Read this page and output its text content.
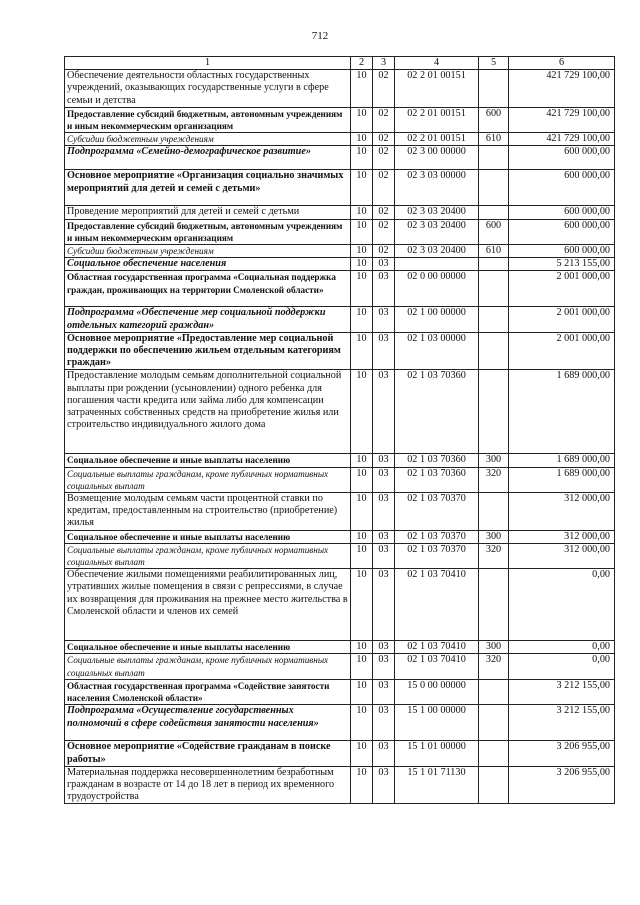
712
1	2	3	4	5	6
Обеспечение деятельности областных государственных учреждений, оказывающих государственные услуги в сфере семьи и детства	10	02	02 2 01 00151		421 729 100,00
Предоставление субсидий бюджетным, автономным учреждениям и иным некоммерческим организациям	10	02	02 2 01 00151	600	421 729 100,00
Субсидии бюджетным учреждениям	10	02	02 2 01 00151	610	421 729 100,00
Подпрограмма «Семейно-демографическое развитие»	10	02	02 3 00 00000		600 000,00
Основное мероприятие «Организация социально значимых мероприятий для детей и семей с детьми»	10	02	02 3 03 00000		600 000,00
Проведение мероприятий для детей и семей с детьми	10	02	02 3 03 20400		600 000,00
Предоставление субсидий бюджетным, автономным учреждениям и иным некоммерческим организациям	10	02	02 3 03 20400	600	600 000,00
Субсидии бюджетным учреждениям	10	02	02 3 03 20400	610	600 000,00
Социальное обеспечение населения	10	03			5 213 155,00
Областная государственная программа «Социальная поддержка граждан, проживающих на территории Смоленской области»	10	03	02 0 00 00000		2 001 000,00
Подпрограмма «Обеспечение мер социальной поддержки отдельных категорий граждан»	10	03	02 1 00 00000		2 001 000,00
Основное мероприятие «Предоставление мер социальной поддержки по обеспечению жильем отдельным категориям граждан»	10	03	02 1 03 00000		2 001 000,00
Предоставление молодым семьям дополнительной социальной выплаты при рождении (усыновлении) одного ребенка для погашения части кредита или займа либо для компенсации затраченных собственных средств на приобретение жилья или строительство индивидуального жилого дома	10	03	02 1 03 70360		1 689 000,00
Социальное обеспечение и иные выплаты населению	10	03	02 1 03 70360	300	1 689 000,00
Социальные выплаты гражданам, кроме публичных нормативных социальных выплат	10	03	02 1 03 70360	320	1 689 000,00
Возмещение молодым семьям части процентной ставки по кредитам, предоставленным на строительство (приобретение) жилья	10	03	02 1 03 70370		312 000,00
Социальное обеспечение и иные выплаты населению	10	03	02 1 03 70370	300	312 000,00
Социальные выплаты гражданам, кроме публичных нормативных социальных выплат	10	03	02 1 03 70370	320	312 000,00
Обеспечение жилыми помещениями реабилитированных лиц, утративших жилые помещения в связи с репрессиями, в случае их возвращения для проживания на прежнее место жительства в Смоленской области и членов их семей	10	03	02 1 03 70410		0,00
Социальное обеспечение и иные выплаты населению	10	03	02 1 03 70410	300	0,00
Социальные выплаты гражданам, кроме публичных нормативных социальных выплат	10	03	02 1 03 70410	320	0,00
Областная государственная программа «Содействие занятости населения Смоленской области»	10	03	15 0 00 00000		3 212 155,00
Подпрограмма «Осуществление государственных полномочий в сфере содействия занятости населения»	10	03	15 1 00 00000		3 212 155,00
Основное мероприятие «Содействие гражданам в поиске работы»	10	03	15 1 01 00000		3 206 955,00
Материальная поддержка несовершеннолетним безработным гражданам в возрасте от 14 до 18 лет в период их временного трудоустройства	10	03	15 1 01 71130		3 206 955,00
